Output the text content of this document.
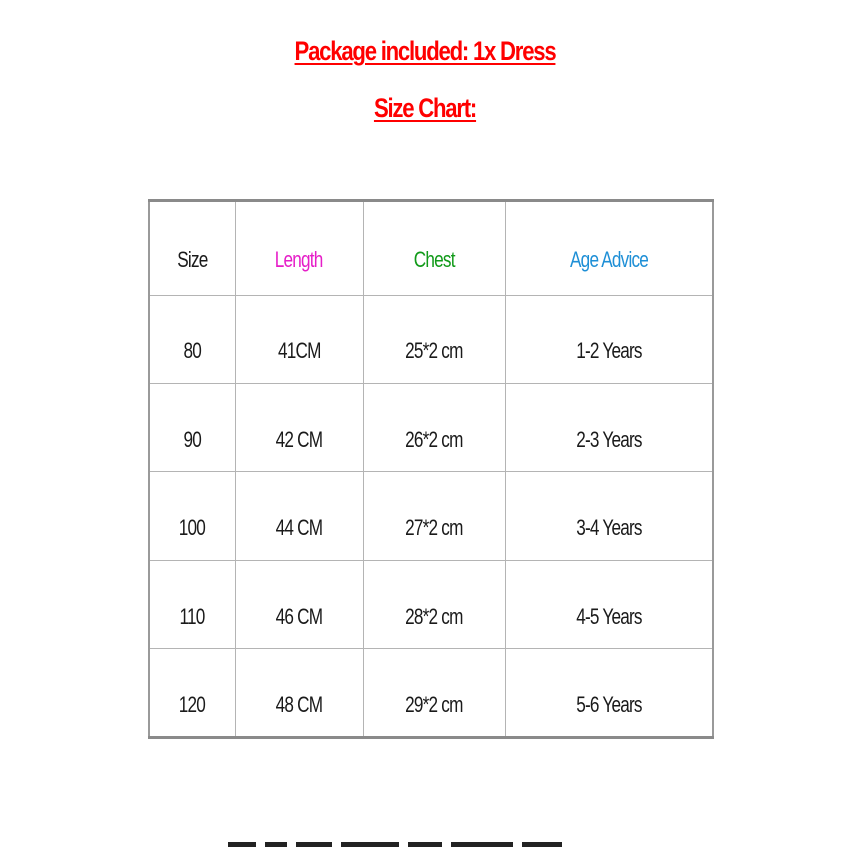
Package included: 1x Dress
Size Chart:
Size	Length	Chest	Age Advice
80	41CM	25*2 cm	1-2 Years
90	42 CM	26*2 cm	2-3 Years
100	44 CM	27*2 cm	3-4 Years
110	46 CM	28*2 cm	4-5 Years
120	48 CM	29*2 cm	5-6 Years
